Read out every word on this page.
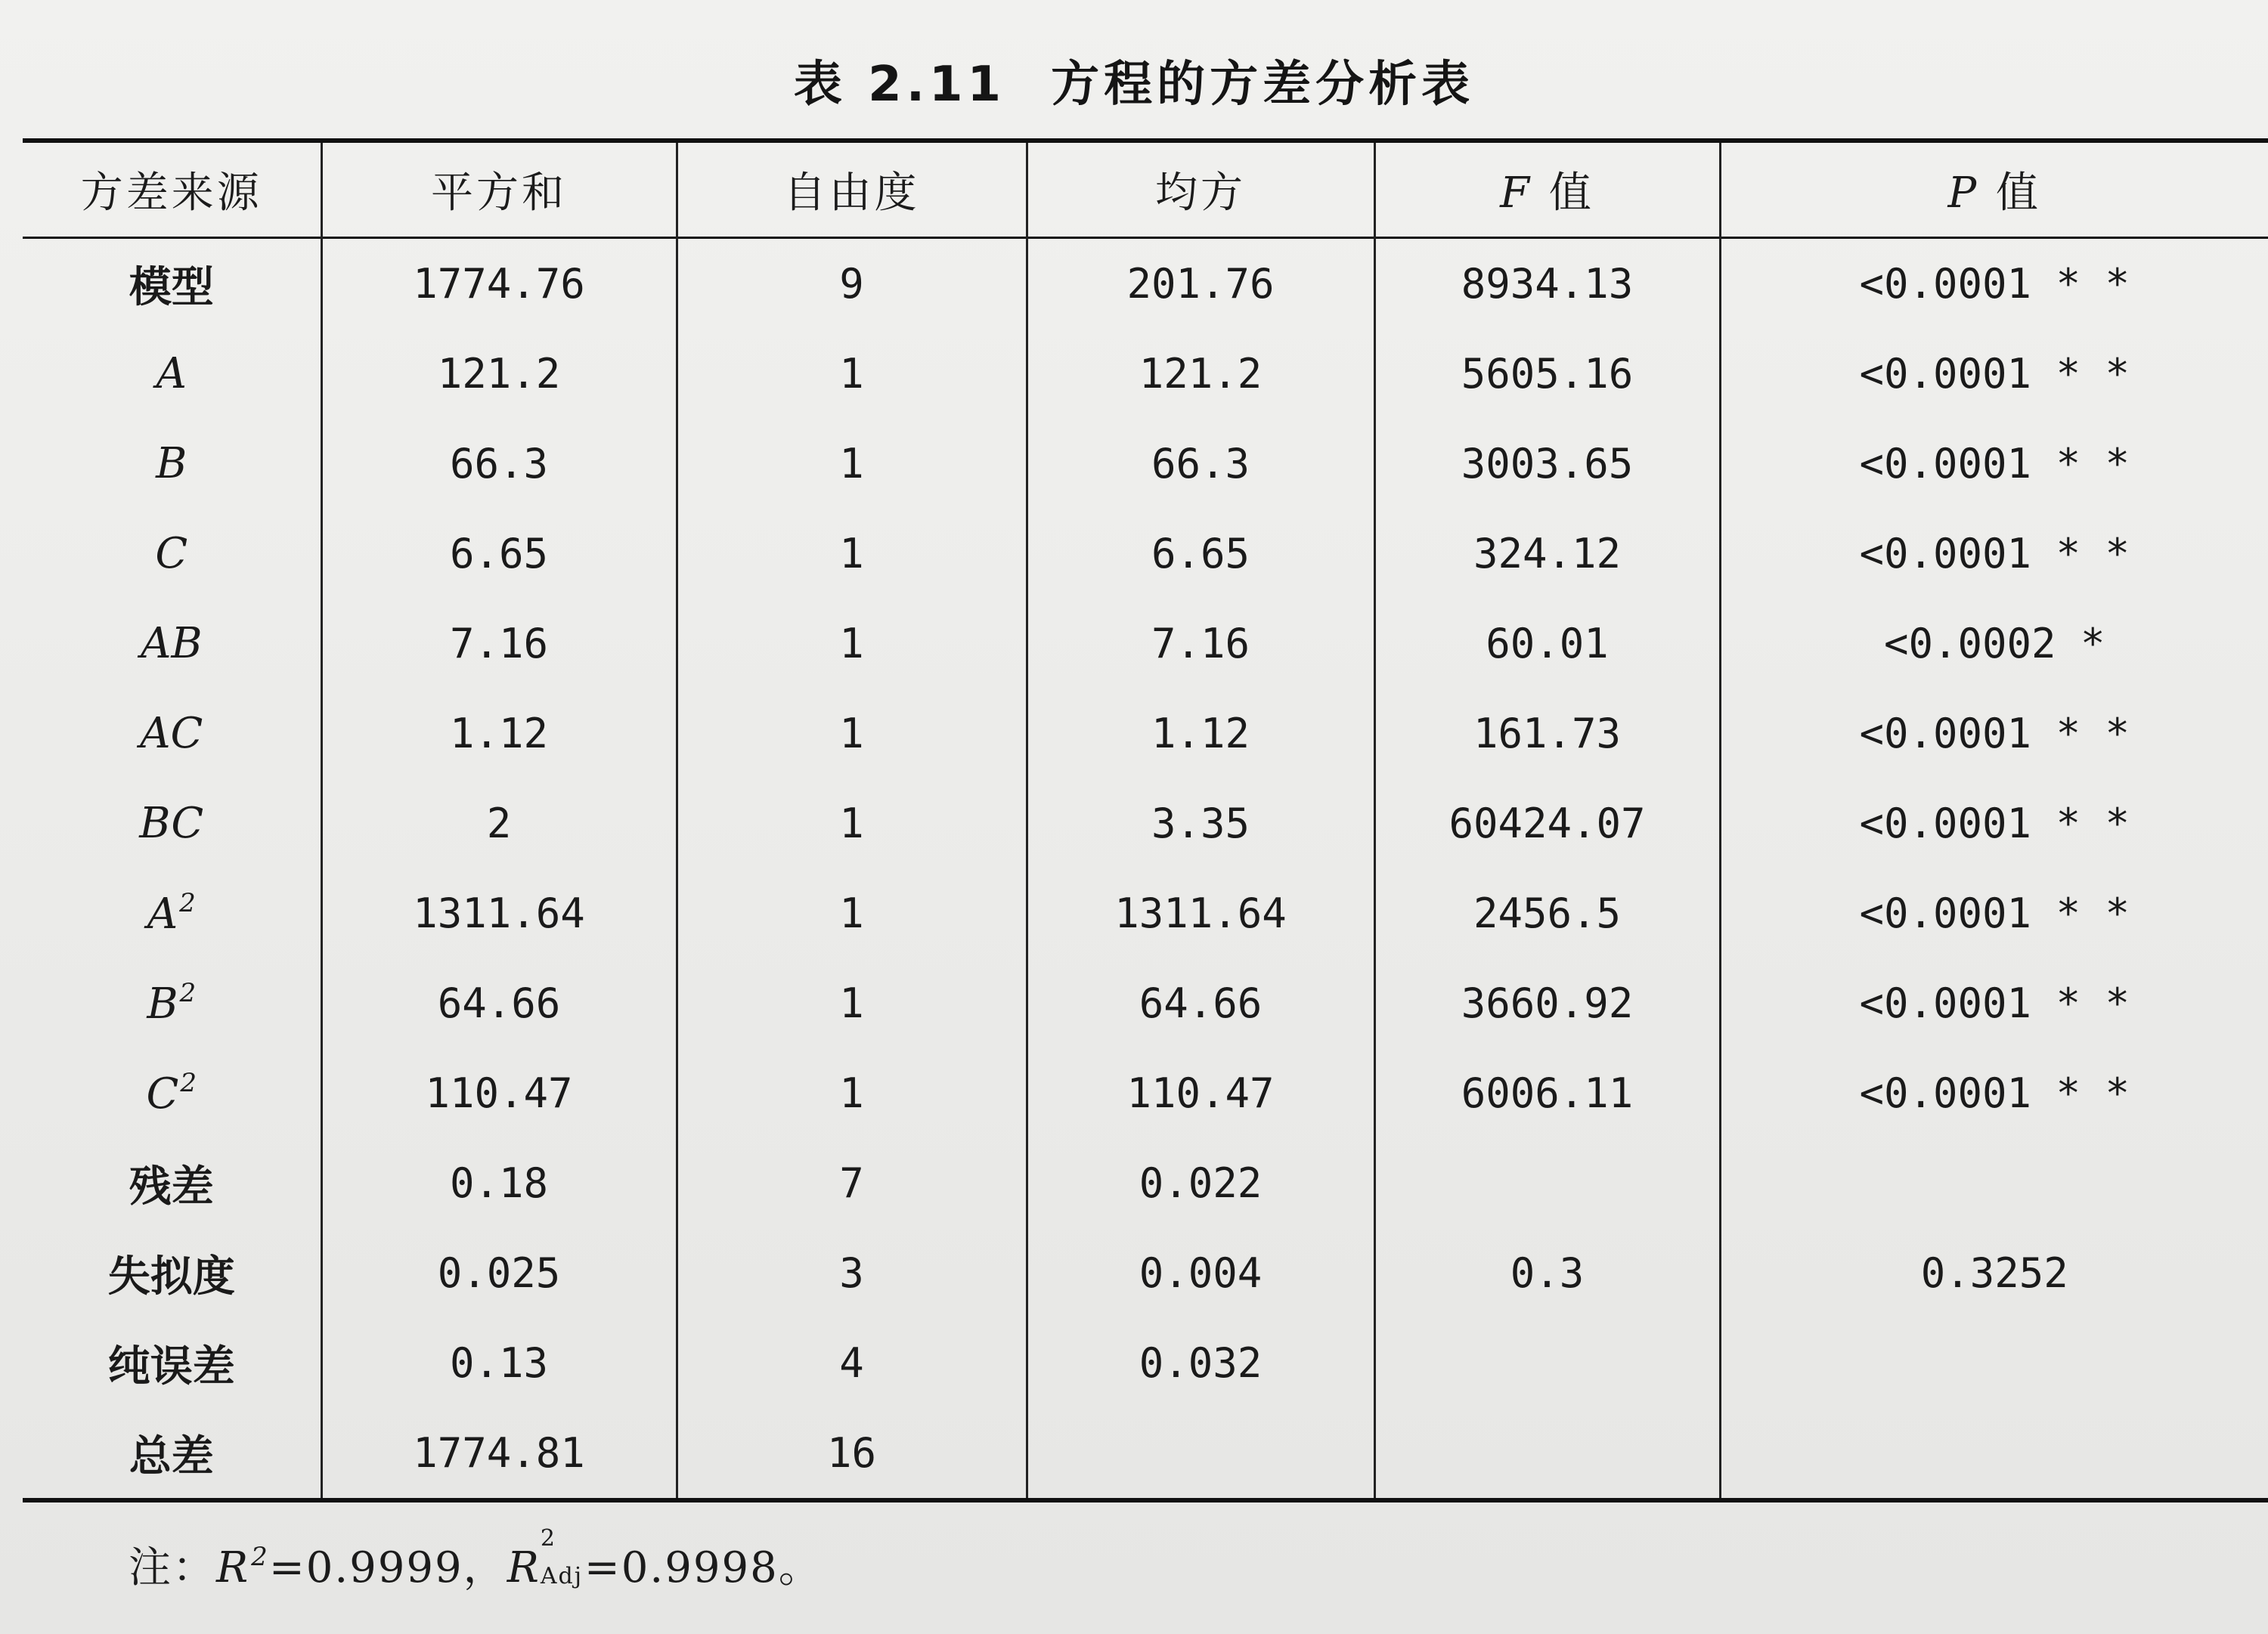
表 2.11 方程的方差分析表
方差来源	平方和	自由度	均方	F 值	P 值
模型	1774.76	9	201.76	8934.13	<0.0001 * *
A	121.2	1	121.2	5605.16	<0.0001 * *
B	66.3	1	66.3	3003.65	<0.0001 * *
C	6.65	1	6.65	324.12	<0.0001 * *
AB	7.16	1	7.16	60.01	<0.0002 *
AC	1.12	1	1.12	161.73	<0.0001 * *
BC	2	1	3.35	60424.07	<0.0001 * *
$A^2$	1311.64	1	1311.64	2456.5	<0.0001 * *
$B^2$	64.66	1	64.66	3660.92	<0.0001 * *
$C^2$	110.47	1	110.47	6006.11	<0.0001 * *
残差	0.18	7	0.022		
失拟度	0.025	3	0.004	0.3	0.3252
纯误差	0.13	4	0.032		
总差	1774.81	16			
注：$R^2=0.9999$，R
2
Adj =0.9998。
